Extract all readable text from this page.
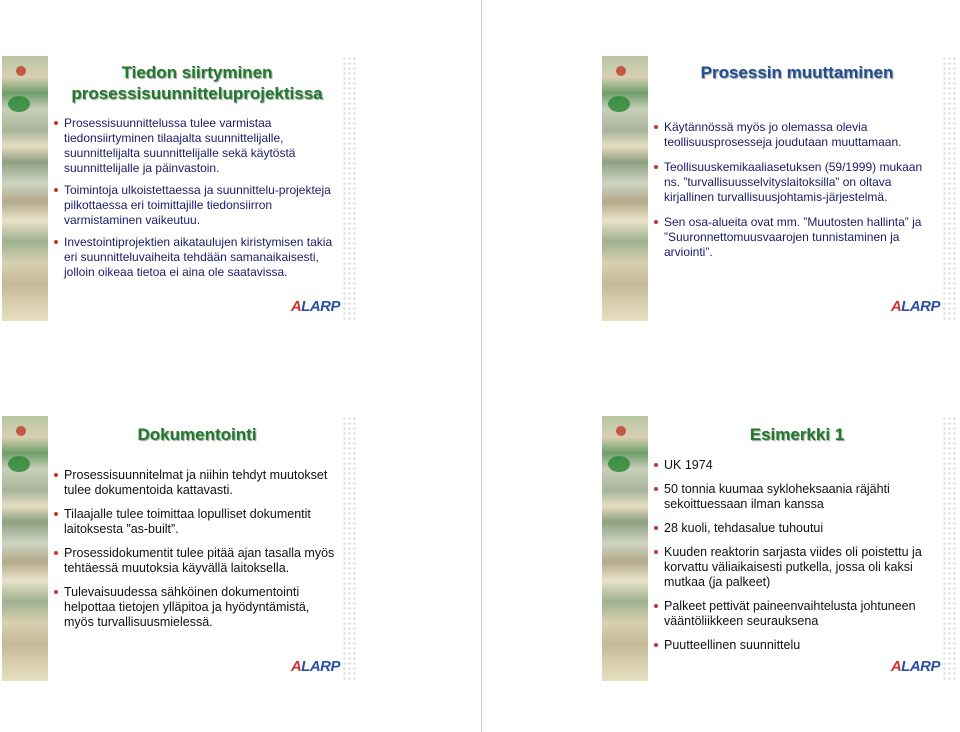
Tiedon siirtyminen
prosessisuunnitteluprojektissa
Prosessisuunnittelussa tulee varmistaa tiedonsiirtyminen tilaajalta suunnittelijalle, suunnittelijalta suunnittelijalle sekä käytöstä suunnittelijalle ja päinvastoin.
Toimintoja ulkoistettaessa ja suunnittelu-projekteja pilkottaessa eri toimittajille tiedonsiirron varmistaminen vaikeutuu.
Investointiprojektien aikataulujen kiristymisen takia eri suunnitteluvaiheita tehdään samanaikaisesti, jolloin oikeaa tietoa ei aina ole saatavissa.
ALARP
Prosessin muuttaminen
Käytännössä myös jo olemassa olevia teollisuusprosesseja joudutaan muuttamaan.
Teollisuuskemikaaliasetuksen (59/1999) mukaan ns. ”turvallisuusselvityslaitoksilla” on oltava kirjallinen turvallisuusjohtamis-järjestelmä.
Sen osa-alueita ovat mm. ”Muutosten hallinta” ja ”Suuronnettomuusvaarojen tunnistaminen ja arviointi”.
ALARP
Dokumentointi
Prosessisuunnitelmat ja niihin tehdyt muutokset tulee dokumentoida kattavasti.
Tilaajalle tulee toimittaa lopulliset dokumentit laitoksesta ”as-built”.
Prosessidokumentit tulee pitää ajan tasalla myös tehtäessä muutoksia käyvällä laitoksella.
Tulevaisuudessa sähköinen dokumentointi helpottaa tietojen ylläpitoa ja hyödyntämistä, myös turvallisuusmielessä.
ALARP
Esimerkki 1
UK 1974
50 tonnia kuumaa sykloheksaania räjähti sekoittuessaan ilman kanssa
28 kuoli, tehdasalue tuhoutui
Kuuden reaktorin sarjasta viides oli poistettu ja korvattu väliaikaisesti putkella, jossa oli kaksi mutkaa (ja palkeet)
Palkeet pettivät paineenvaihtelusta johtuneen vääntöliikkeen seurauksena
Puutteellinen suunnittelu
ALARP
